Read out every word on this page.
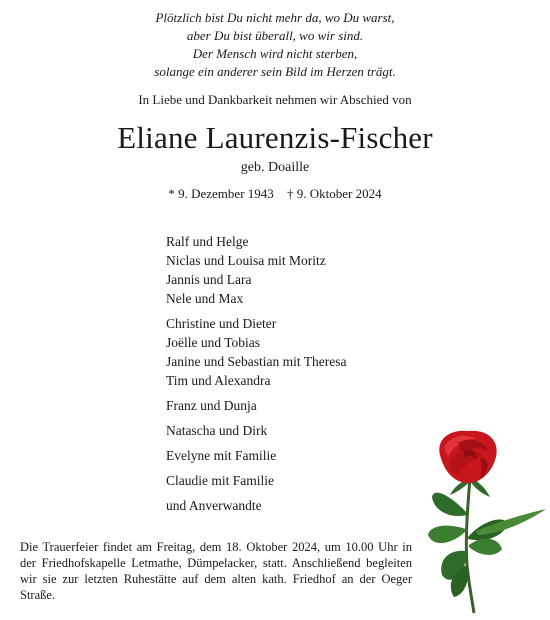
Plötzlich bist Du nicht mehr da, wo Du warst,
aber Du bist überall, wo wir sind.
Der Mensch wird nicht sterben,
solange ein anderer sein Bild im Herzen trägt.
In Liebe und Dankbarkeit nehmen wir Abschied von
Eliane Laurenzis-Fischer
geb. Doaille
* 9. Dezember 1943 † 9. Oktober 2024
Ralf und Helge
Niclas und Louisa mit Moritz
Jannis und Lara
Nele und Max
Christine und Dieter
Joëlle und Tobias
Janine und Sebastian mit Theresa
Tim und Alexandra
Franz und Dunja
Natascha und Dirk
Evelyne mit Familie
Claudie mit Familie
und Anverwandte
Die Trauerfeier findet am Freitag, dem 18. Oktober 2024, um 10.00 Uhr in der Friedhofskapelle Letmathe, Dümpelacker, statt. Anschließend begleiten wir sie zur letzten Ruhestätte auf dem alten kath. Friedhof an der Oeger Straße.
